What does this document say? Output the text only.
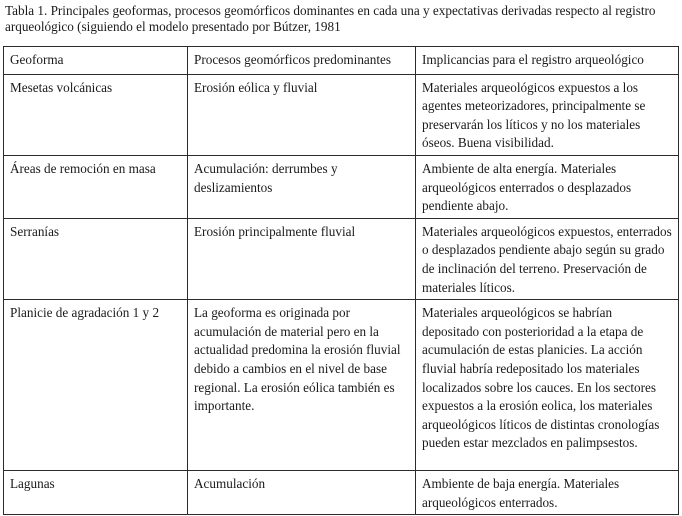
Tabla 1. Principales geoformas, procesos geomórficos dominantes en cada una y expectativas derivadas respecto al registro arqueológico (siguiendo el modelo presentado por Bútzer, 1981
Geoforma	Procesos geomórficos predominantes	Implicancias para el registro arqueológico
Mesetas volcánicas	Erosión eólica y fluvial	Materiales arqueológicos expuestos a los agentes meteorizadores, principalmente se preservarán los líticos y no los materiales óseos. Buena visibilidad.
Áreas de remoción en masa	Acumulación: derrumbes y deslizamientos	Ambiente de alta energía. Materiales arqueológicos enterrados o desplazados pendiente abajo.
Serranías	Erosión principalmente fluvial	Materiales arqueológicos expuestos, enterrados o desplazados pendiente abajo según su grado de inclinación del terreno. Preservación de materiales líticos.
Planicie de agradación 1 y 2	La geoforma es originada por acumulación de material pero en la actualidad predomina la erosión fluvial debido a cambios en el nivel de base regional. La erosión eólica también es importante.	Materiales arqueológicos se habrían depositado con posterioridad a la etapa de acumulación de estas planicies. La acción fluvial habría redepositado los materiales localizados sobre los cauces. En los sectores expuestos a la erosión eolica, los materiales arqueológicos líticos de distintas cronologías pueden estar mezclados en palimpsestos.
Lagunas	Acumulación	Ambiente de baja energía. Materiales arqueológicos enterrados.
